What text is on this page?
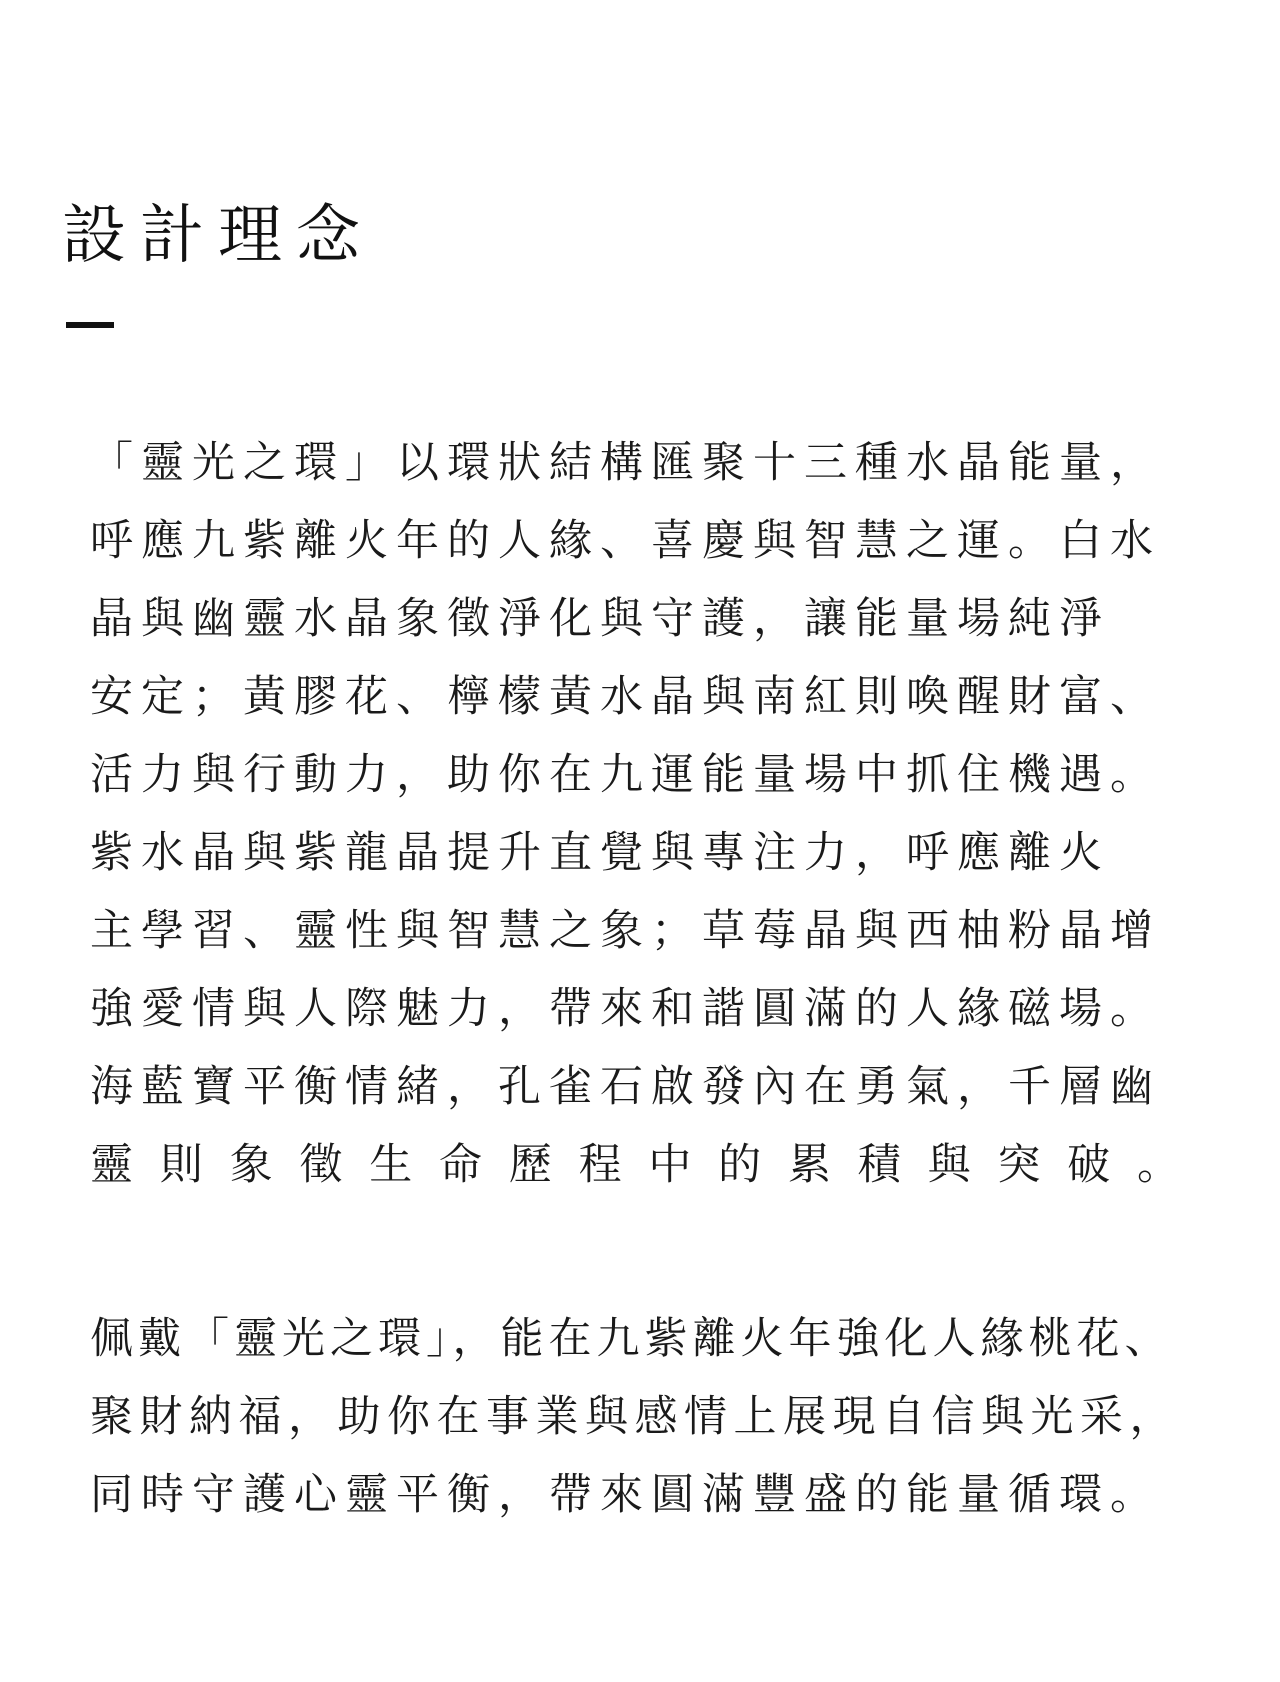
設計理念
「靈光之環」以環狀結構匯聚十三種水晶能量，
呼應九紫離火年的人緣、喜慶與智慧之運。白水
晶與幽靈水晶象徵淨化與守護，讓能量場純淨
安定；黃膠花、檸檬黃水晶與南紅則喚醒財富、
活力與行動力，助你在九運能量場中抓住機遇。
紫水晶與紫龍晶提升直覺與專注力，呼應離火
主學習、靈性與智慧之象；草莓晶與西柚粉晶增
強愛情與人際魅力，帶來和諧圓滿的人緣磁場。
海藍寶平衡情緒，孔雀石啟發內在勇氣，千層幽
靈 則 象 徵 生 命 歷 程 中 的 累 積 與 突 破 。
佩戴「靈光之環」，能在九紫離火年強化人緣桃花、
聚財納福，助你在事業與感情上展現自信與光采，
同時守護心靈平衡，帶來圓滿豐盛的能量循環。
